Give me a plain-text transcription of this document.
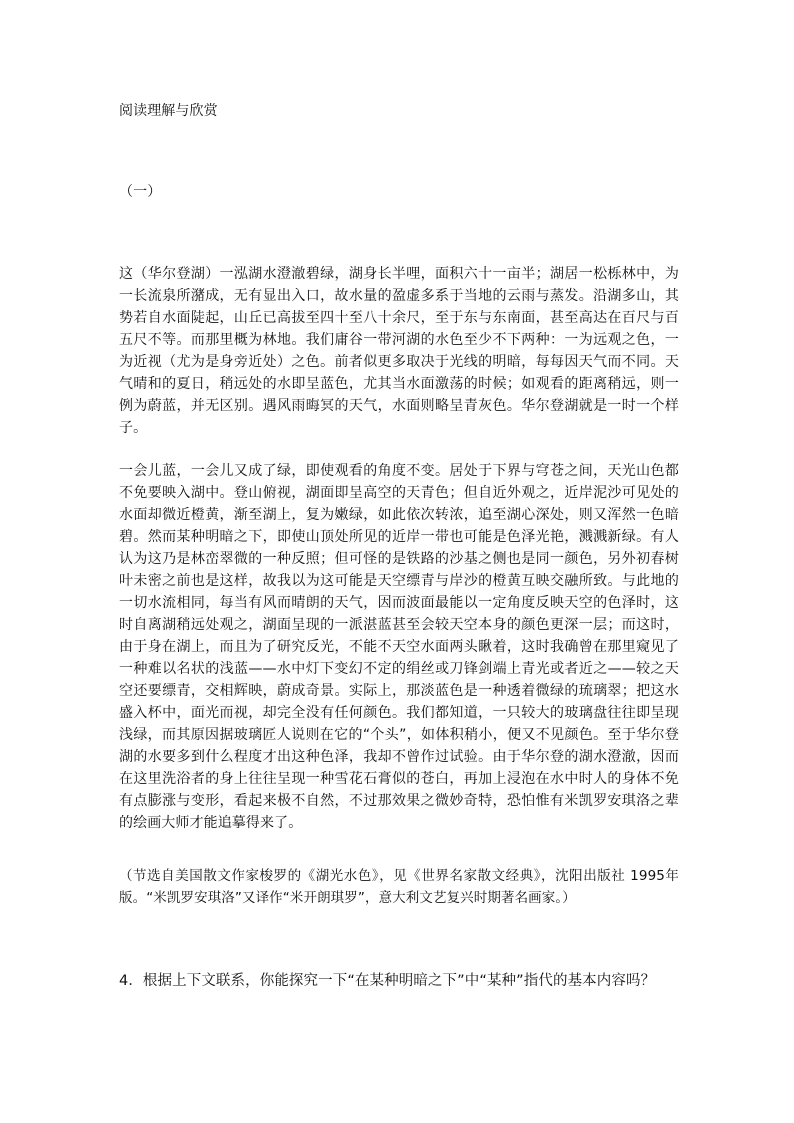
阅读理解与欣赏

（一）

这（华尔登湖）一泓湖水澄澈碧绿，湖身长半哩，面积六十一亩半；湖居一松栎林中，为一长流泉所潴成，无有显出入口，故水量的盈虚多系于当地的云雨与蒸发。沿湖多山，其势若自水面陡起，山丘已高拔至四十至八十余尺，至于东与东南面，甚至高达在百尺与百五尺不等。而那里概为林地。我们庸谷一带河湖的水色至少不下两种：一为远观之色，一为近视（尤为是身旁近处）之色。前者似更多取决于光线的明暗，每每因天气而不同。天气晴和的夏日，稍远处的水即呈蓝色，尤其当水面激荡的时候；如观看的距离稍远，则一例为蔚蓝，并无区别。遇风雨晦冥的天气，水面则略呈青灰色。华尔登湖就是一时一个样子。

一会儿蓝，一会儿又成了绿，即使观看的角度不变。居处于下界与穹苍之间，天光山色都不免要映入湖中。登山俯视，湖面即呈高空的天青色；但自近外观之，近岸泥沙可见处的水面却微近橙黄，渐至湖上，复为嫩绿，如此依次转浓，追至湖心深处，则又浑然一色暗碧。然而某种明暗之下，即使山顶处所见的近岸一带也可能是色泽光艳，溅溅新绿。有人认为这乃是林峦翠微的一种反照；但可怪的是铁路的沙基之侧也是同一颜色，另外初春树叶未密之前也是这样，故我以为这可能是天空缥青与岸沙的橙黄互映交融所致。与此地的一切水流相同，每当有风而晴朗的天气，因而波面最能以一定角度反映天空的色泽时，这时自离湖稍远处观之，湖面呈现的一派湛蓝甚至会较天空本身的颜色更深一层；而这时，由于身在湖上，而且为了研究反光，不能不天空水面两头瞅着，这时我确曾在那里窥见了一种难以名状的浅蓝——水中灯下变幻不定的绢丝或刀锋剑端上青光或者近之——较之天空还要缥青，交相辉映，蔚成奇景。实际上，那淡蓝色是一种透着微绿的琉璃翠；把这水盛入杯中，面光而视，却完全没有任何颜色。我们都知道，一只较大的玻璃盘往往即呈现浅绿，而其原因据玻璃匠人说则在它的“个头”，如体积稍小，便又不见颜色。至于华尔登湖的水要多到什么程度才出这种色泽，我却不曾作过试验。由于华尔登的湖水澄澈，因而在这里洗浴者的身上往往呈现一种雪花石膏似的苍白，再加上浸泡在水中时人的身体不免有点膨涨与变形，看起来极不自然，不过那效果之微妙奇特，恐怕惟有米凯罗安琪洛之辈的绘画大师才能追摹得来了。

（节选自美国散文作家梭罗的《湖光水色》，见《世界名家散文经典》，沈阳出版社 1995年版。“米凯罗安琪洛”又译作“米开朗琪罗”，意大利文艺复兴时期著名画家。）

4．根据上下文联系，你能探究一下“在某种明暗之下”中“某种”指代的基本内容吗？
